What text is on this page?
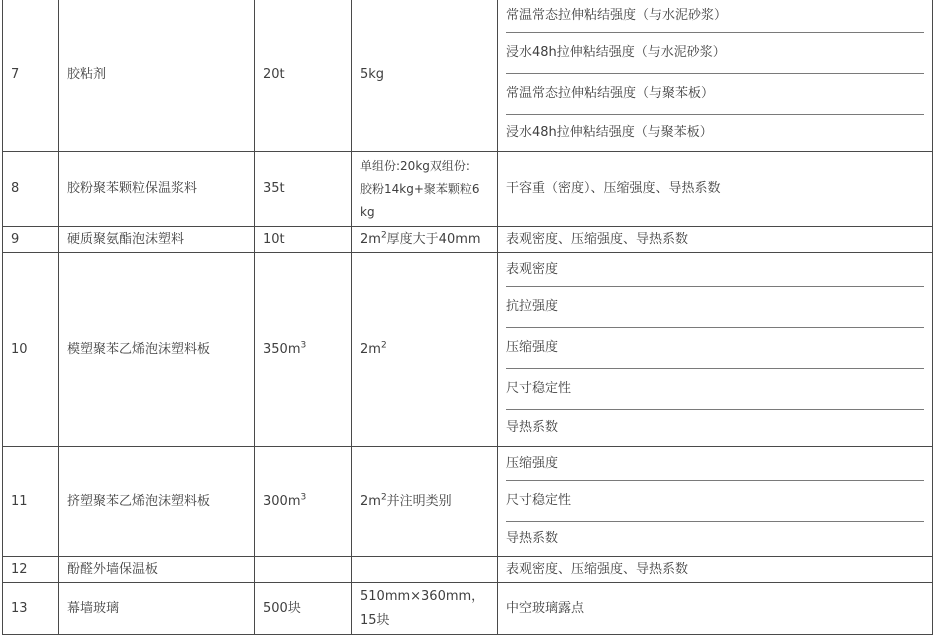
7	胶粘剂	20t	5kg	常温常态拉伸粘结强度（与水泥砂浆）
浸水48h拉伸粘结强度（与水泥砂浆）
常温常态拉伸粘结强度（与聚苯板）
浸水48h拉伸粘结强度（与聚苯板）

8	胶粉聚苯颗粒保温浆料	35t	单组份:20kg双组份:
胶粉14kg+聚苯颗粒6
kg	干容重（密度）、压缩强度、导热系数

9	硬质聚氨酯泡沫塑料	10t	$2m^2$厚度大于40mm	表观密度、压缩强度、导热系数

10	模塑聚苯乙烯泡沫塑料板	$350m^3$	$2m^2$	表观密度
抗拉强度
压缩强度
尺寸稳定性
导热系数

11	挤塑聚苯乙烯泡沫塑料板	$300m^3$	$2m^2$并注明类别	压缩强度
尺寸稳定性
导热系数

12	酚醛外墙保温板			表观密度、压缩强度、导热系数

13	幕墙玻璃	500块	510mm×360mm，
15块	中空玻璃露点
